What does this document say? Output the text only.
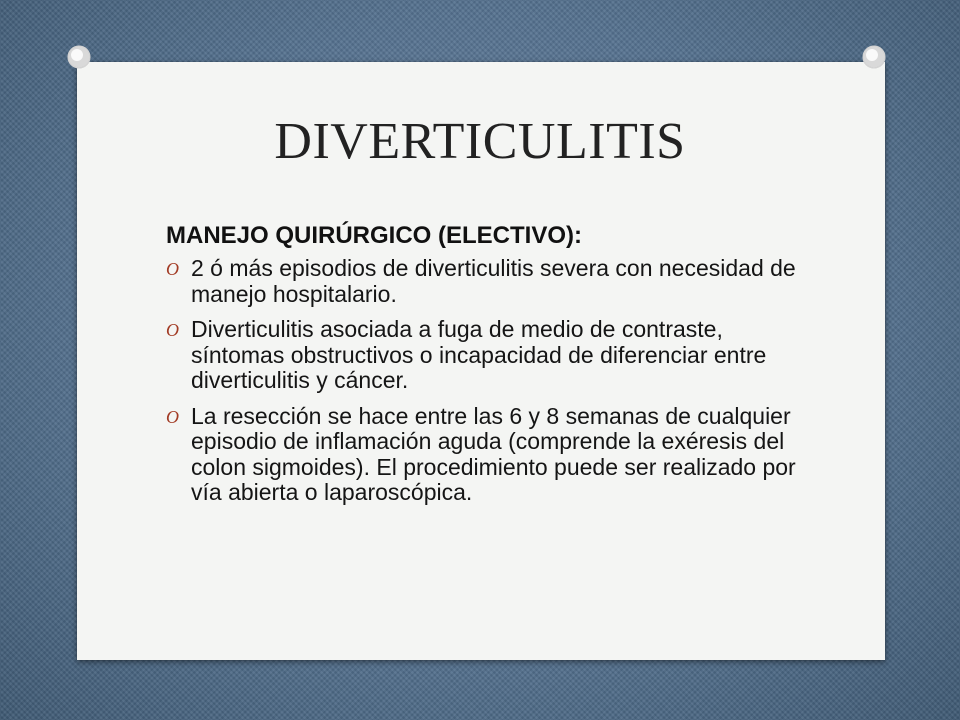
DIVERTICULITIS
MANEJO QUIRÚRGICO (ELECTIVO):
O 2 ó más episodios de diverticulitis severa con necesidad de manejo hospitalario.
O Diverticulitis asociada a fuga de medio de contraste, síntomas obstructivos o incapacidad de diferenciar entre diverticulitis y cáncer.
O La resección se hace entre las 6 y 8 semanas de cualquier episodio de inflamación aguda (comprende la exéresis del colon sigmoides). El procedimiento puede ser realizado por vía abierta o laparoscópica.
